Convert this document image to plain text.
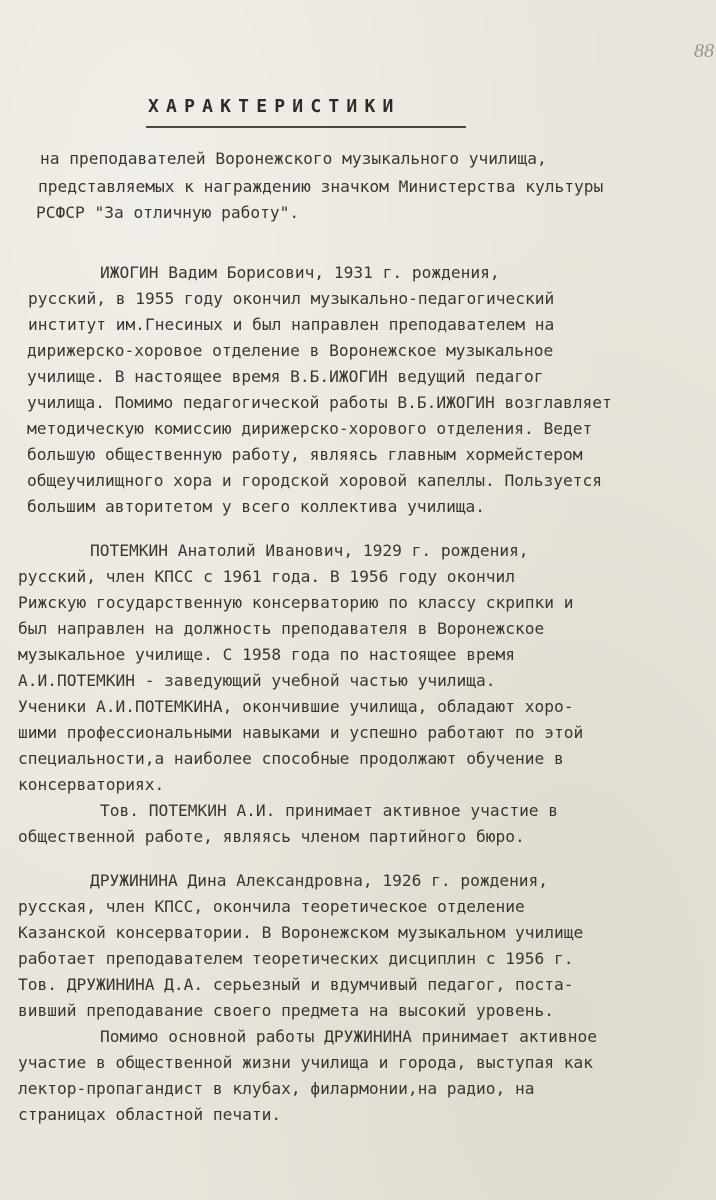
88
ХАРАКТЕРИСТИКИ
на преподавателей Воронежского музыкального училища,
представляемых к награждению значком Министерства культуры
РСФСР "За отличную работу".
ИЖОГИН Вадим Борисович, 1931 г. рождения,
русский, в 1955 году окончил музыкально-педагогический
институт им.Гнесиных и был направлен преподавателем на
дирижерско-хоровое отделение в Воронежское музыкальное
училище. В настоящее время В.Б.ИЖОГИН ведущий педагог
училища. Помимо педагогической работы В.Б.ИЖОГИН возглавляет
методическую комиссию дирижерско-хорового отделения. Ведет
большую общественную работу, являясь главным хормейстером
общеучилищного хора и городской хоровой капеллы. Пользуется
большим авторитетом у всего коллектива училища.
ПОТЕМКИН Анатолий Иванович, 1929 г. рождения,
русский, член КПСС с 1961 года. В 1956 году окончил
Рижскую государственную консерваторию по классу скрипки и
был направлен на должность преподавателя в Воронежское
музыкальное училище. С 1958 года по настоящее время
А.И.ПОТЕМКИН - заведующий учебной частью училища.
Ученики А.И.ПОТЕМКИНА, окончившие училища, обладают хоро-
шими профессиональными навыками и успешно работают по этой
специальности,а наиболее способные продолжают обучение в
консерваториях.
Тов. ПОТЕМКИН А.И. принимает активное участие в
общественной работе, являясь членом партийного бюро.
ДРУЖИНИНА Дина Александровна, 1926 г. рождения,
русская, член КПСС, окончила теоретическое отделение
Казанской консерватории. В Воронежском музыкальном училище
работает преподавателем теоретических дисциплин с 1956 г.
Тов. ДРУЖИНИНА Д.А. серьезный и вдумчивый педагог, поста-
вивший преподавание своего предмета на высокий уровень.
Помимо основной работы ДРУЖИНИНА принимает активное
участие в общественной жизни училища и города, выступая как
лектор-пропагандист в клубах, филармонии,на радио, на
страницах областной печати.
